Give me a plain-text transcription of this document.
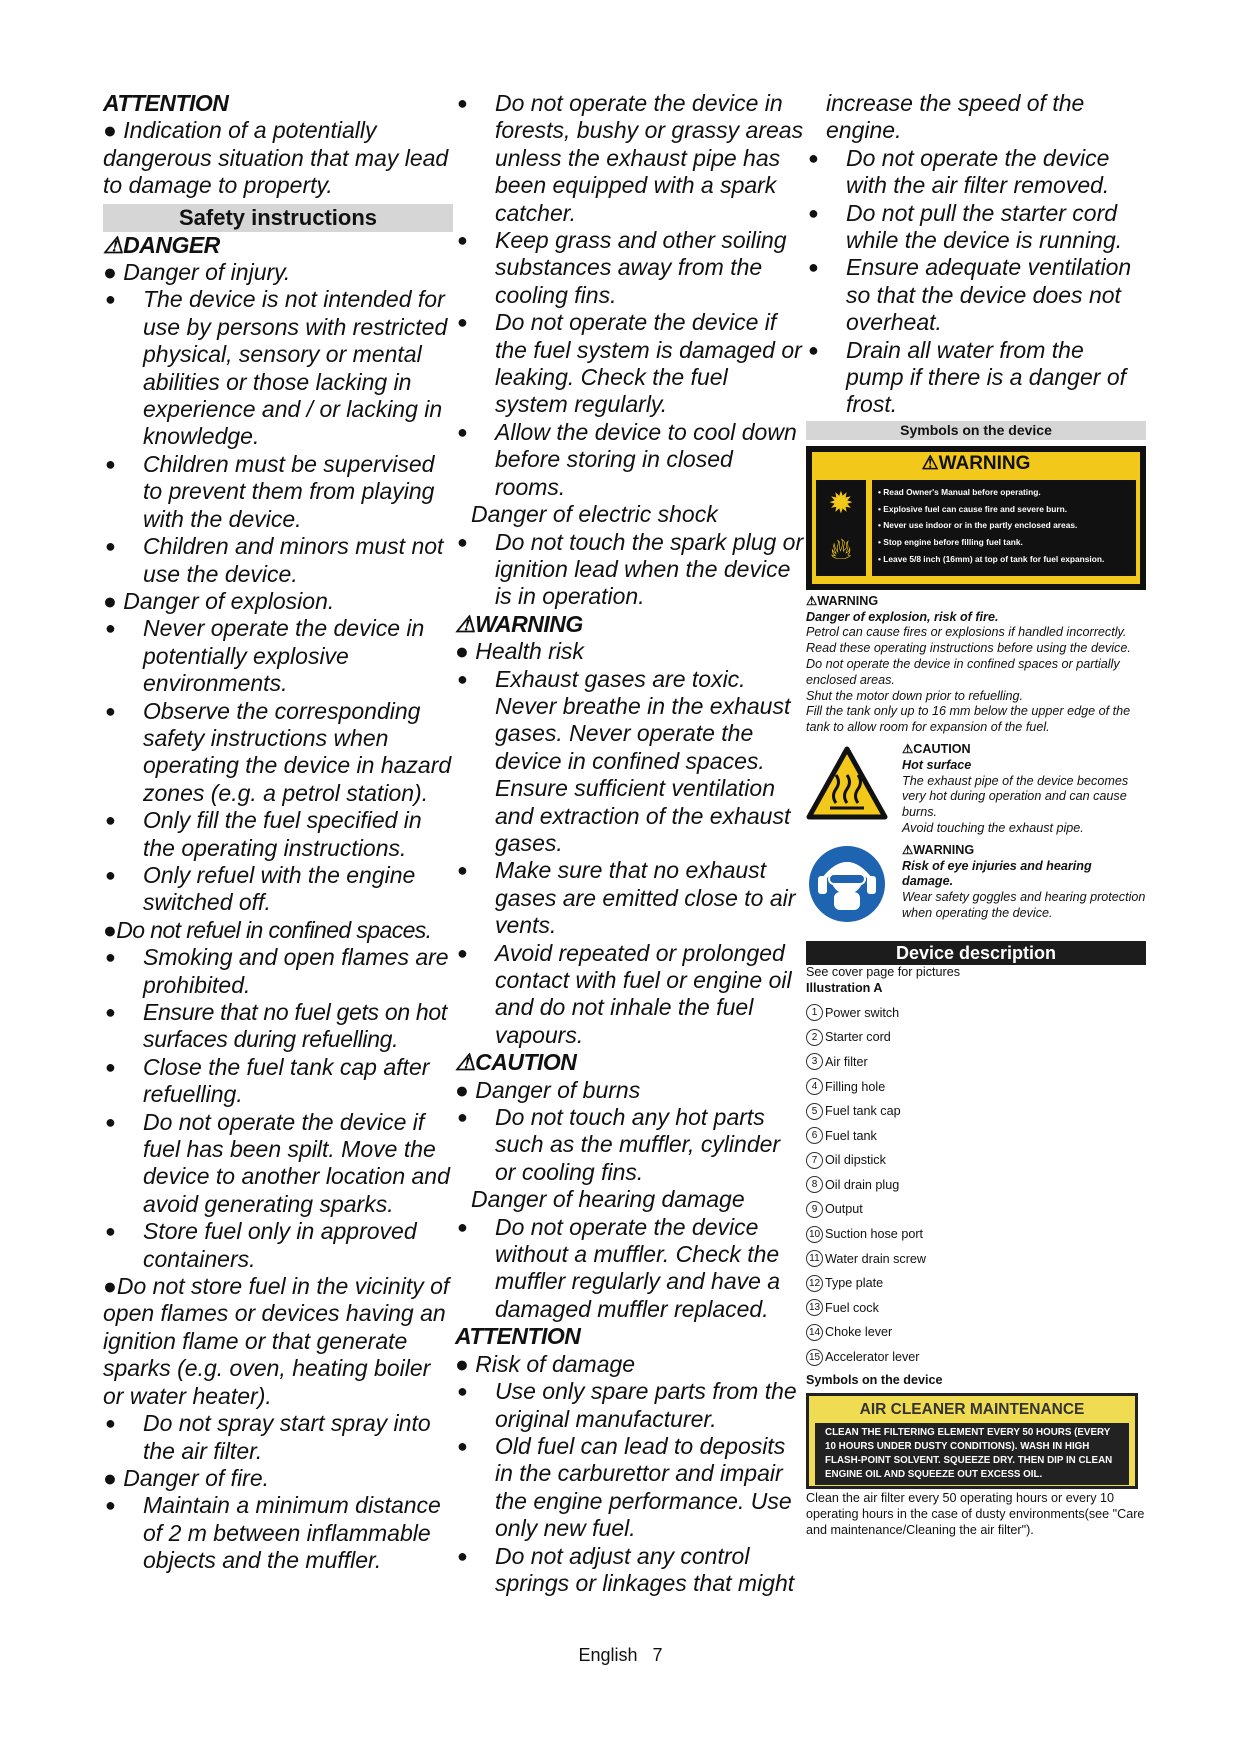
ATTENTION
● Indication of a potentially dangerous situation that may lead to damage to property.
Safety instructions
⚠DANGER
● Danger of injury.
●	The device is not intended for use by persons with restricted physical, sensory or mental abilities or those lacking in experience and / or lacking in knowledge.
●	Children must be supervised to prevent them from playing with the device.
●	Children and minors must not use the device.
● Danger of explosion.
●	Never operate the device in potentially explosive environments.
●	Observe the corresponding safety instructions when operating the device in hazard zones (e.g. a petrol station).
●	Only fill the fuel specified in the operating instructions.
●	Only refuel with the engine switched off.
●Do not refuel in confined spaces.
●	Smoking and open flames are prohibited.
●	Ensure that no fuel gets on hot surfaces during refuelling.
●	Close the fuel tank cap after refuelling.
●	Do not operate the device if fuel has been spilt. Move the device to another location and avoid generating sparks.
●	Store fuel only in approved containers.
●Do not store fuel in the vicinity of open flames or devices having an ignition flame or that generate sparks (e.g. oven, heating boiler or water heater).
●	Do not spray start spray into the air filter.
● Danger of fire.
●	Maintain a minimum distance of 2 m between inflammable objects and the muffler.
●	Do not operate the device in forests, bushy or grassy areas unless the exhaust pipe has been equipped with a spark catcher.
●	Keep grass and other soiling substances away from the cooling fins.
●	Do not operate the device if the fuel system is damaged or leaking. Check the fuel system regularly.
●	Allow the device to cool down before storing in closed rooms.
Danger of electric shock
●	Do not touch the spark plug or ignition lead when the device is in operation.
⚠WARNING
● Health risk
●	Exhaust gases are toxic. Never breathe in the exhaust gases. Never operate the device in confined spaces. Ensure sufficient ventilation and extraction of the exhaust gases.
●	Make sure that no exhaust gases are emitted close to air vents.
●	Avoid repeated or prolonged contact with fuel or engine oil and do not inhale the fuel vapours.
⚠CAUTION
● Danger of burns
●	Do not touch any hot parts such as the muffler, cylinder or cooling fins.
Danger of hearing damage
●	Do not operate the device without a muffler. Check the muffler regularly and have a damaged muffler replaced.
ATTENTION
● Risk of damage
●	Use only spare parts from the original manufacturer.
●	Old fuel can lead to deposits in the carburettor and impair the engine performance. Use only new fuel.
●	Do not adjust any control springs or linkages that might
increase the speed of the engine.
●	Do not operate the device with the air filter removed.
●	Do not pull the starter cord while the device is running.
●	Ensure adequate ventilation so that the device does not overheat.
●	Drain all water from the pump if there is a danger of frost.
Symbols on the device
⚠WARNING
✹
🔥︎
• Read Owner's Manual before operating.
• Explosive fuel can cause fire and severe burn.
• Never use indoor or in the partly enclosed areas.
• Stop engine before filling fuel tank.
• Leave 5/8 inch (16mm) at top of tank for fuel expansion.
⚠WARNING
Danger of explosion, risk of fire.
Petrol can cause fires or explosions if handled incorrectly.
Read these operating instructions before using the device.
Do not operate the device in confined spaces or partially enclosed areas.
Shut the motor down prior to refuelling.
Fill the tank only up to 16 mm below the upper edge of the tank to allow room for expansion of the fuel.
⚠CAUTION
Hot surface
The exhaust pipe of the device becomes very hot during operation and can cause burns.
Avoid touching the exhaust pipe.
⚠WARNING
Risk of eye injuries and hearing damage.
Wear safety goggles and hearing protection when operating the device.
Device description
See cover page for pictures
Illustration A
1 Power switch
2 Starter cord
3 Air filter
4 Filling hole
5 Fuel tank cap
6 Fuel tank
7 Oil dipstick
8 Oil drain plug
9 Output
10 Suction hose port
11 Water drain screw
12 Type plate
13 Fuel cock
14 Choke lever
15 Accelerator lever
Symbols on the device
AIR CLEANER MAINTENANCE
CLEAN THE FILTERING ELEMENT EVERY 50 HOURS (EVERY 10 HOURS UNDER DUSTY CONDITIONS). WASH IN HIGH FLASH-POINT SOLVENT. SQUEEZE DRY. THEN DIP IN CLEAN ENGINE OIL AND SQUEEZE OUT EXCESS OIL.
Clean the air filter every 50 operating hours or every 10 operating hours in the case of dusty environments(see "Care and maintenance/Cleaning the air filter").
English 7
